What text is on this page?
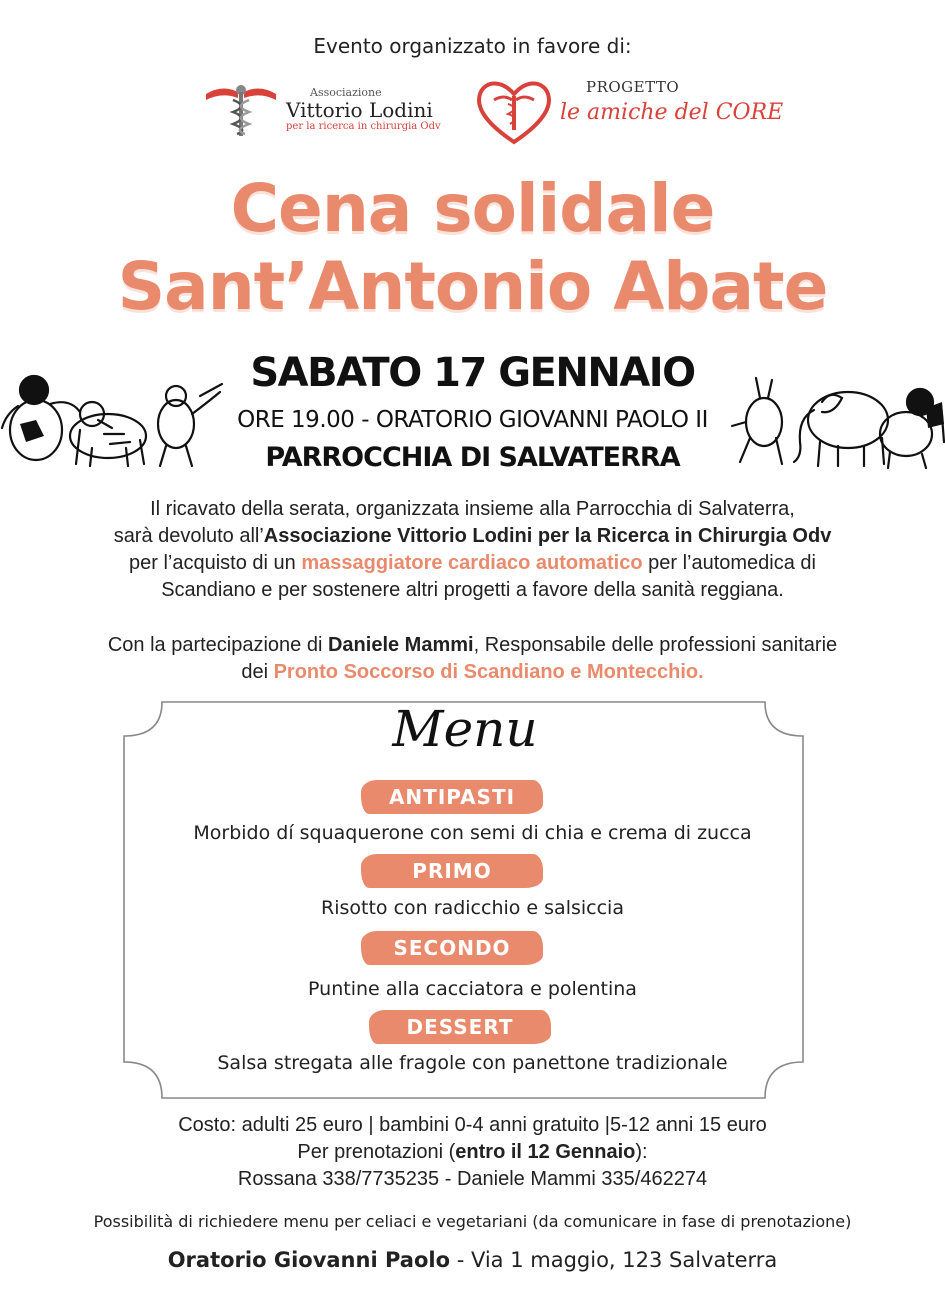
Evento organizzato in favore di:
Associazione
Vittorio Lodini
per la ricerca in chirurgia Odv
PROGETTO
le amiche del CORE
Cena solidale
Sant’Antonio Abate
SABATO 17 GENNAIO
ORE 19.00 - ORATORIO GIOVANNI PAOLO II
PARROCCHIA DI SALVATERRA
Il ricavato della serata, organizzata insieme alla Parrocchia di Salvaterra,
sarà devoluto all’Associazione Vittorio Lodini per la Ricerca in Chirurgia Odv
per l’acquisto di un massaggiatore cardiaco automatico per l’automedica di
Scandiano e per sostenere altri progetti a favore della sanità reggiana.
Con la partecipazione di Daniele Mammi, Responsabile delle professioni sanitarie
dei Pronto Soccorso di Scandiano e Montecchio.
Menu
ANTIPASTI
Morbido dí squaquerone con semi di chia e crema di zucca
PRIMO
Risotto con radicchio e salsiccia
SECONDO
Puntine alla cacciatora e polentina
DESSERT
Salsa stregata alle fragole con panettone tradizionale
Costo: adulti 25 euro | bambini 0-4 anni gratuito |5-12 anni 15 euro
Per prenotazioni (entro il 12 Gennaio):
Rossana 338/7735235 - Daniele Mammi 335/462274
Possibilità di richiedere menu per celiaci e vegetariani (da comunicare in fase di prenotazione)
Oratorio Giovanni Paolo - Via 1 maggio, 123 Salvaterra
